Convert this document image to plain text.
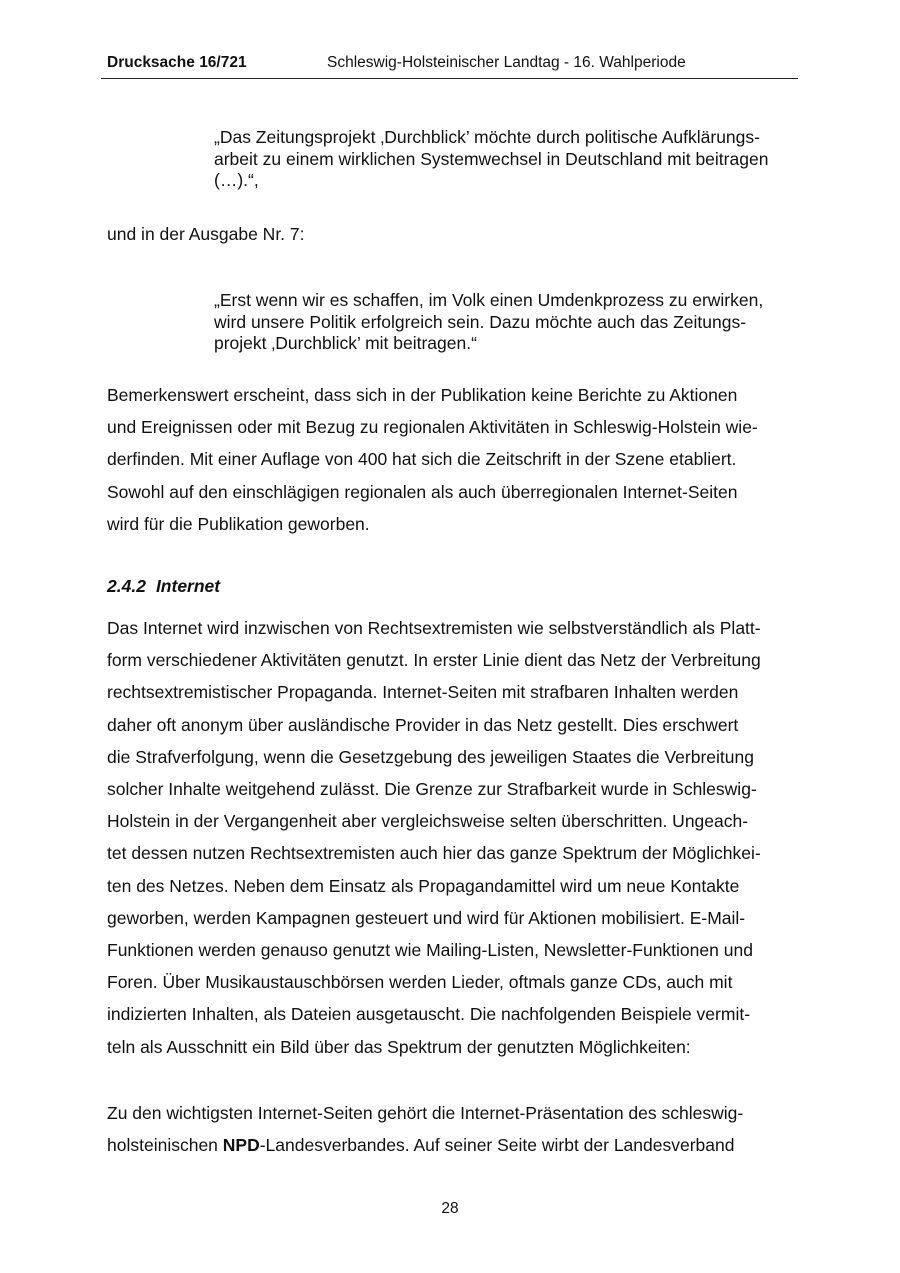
Drucksache 16/721	Schleswig-Holsteinischer Landtag - 16. Wahlperiode

„Das Zeitungsprojekt ‚Durchblick’ möchte durch politische Aufklärungs-
arbeit zu einem wirklichen Systemwechsel in Deutschland mit beitragen
(…).“,

und in der Ausgabe Nr. 7:

„Erst wenn wir es schaffen, im Volk einen Umdenkprozess zu erwirken,
wird unsere Politik erfolgreich sein. Dazu möchte auch das Zeitungs-
projekt ‚Durchblick’ mit beitragen.“

Bemerkenswert erscheint, dass sich in der Publikation keine Berichte zu Aktionen
und Ereignissen oder mit Bezug zu regionalen Aktivitäten in Schleswig-Holstein wie-
derfinden. Mit einer Auflage von 400 hat sich die Zeitschrift in der Szene etabliert.
Sowohl auf den einschlägigen regionalen als auch überregionalen Internet-Seiten
wird für die Publikation geworben.

2.4.2 Internet

Das Internet wird inzwischen von Rechtsextremisten wie selbstverständlich als Platt-
form verschiedener Aktivitäten genutzt. In erster Linie dient das Netz der Verbreitung
rechtsextremistischer Propaganda. Internet-Seiten mit strafbaren Inhalten werden
daher oft anonym über ausländische Provider in das Netz gestellt. Dies erschwert
die Strafverfolgung, wenn die Gesetzgebung des jeweiligen Staates die Verbreitung
solcher Inhalte weitgehend zulässt. Die Grenze zur Strafbarkeit wurde in Schleswig-
Holstein in der Vergangenheit aber vergleichsweise selten überschritten. Ungeach-
tet dessen nutzen Rechtsextremisten auch hier das ganze Spektrum der Möglichkei-
ten des Netzes. Neben dem Einsatz als Propagandamittel wird um neue Kontakte
geworben, werden Kampagnen gesteuert und wird für Aktionen mobilisiert. E-Mail-
Funktionen werden genauso genutzt wie Mailing-Listen, Newsletter-Funktionen und
Foren. Über Musikaustauschbörsen werden Lieder, oftmals ganze CDs, auch mit
indizierten Inhalten, als Dateien ausgetauscht. Die nachfolgenden Beispiele vermit-
teln als Ausschnitt ein Bild über das Spektrum der genutzten Möglichkeiten:

Zu den wichtigsten Internet-Seiten gehört die Internet-Präsentation des schleswig-
holsteinischen NPD-Landesverbandes. Auf seiner Seite wirbt der Landesverband

28
